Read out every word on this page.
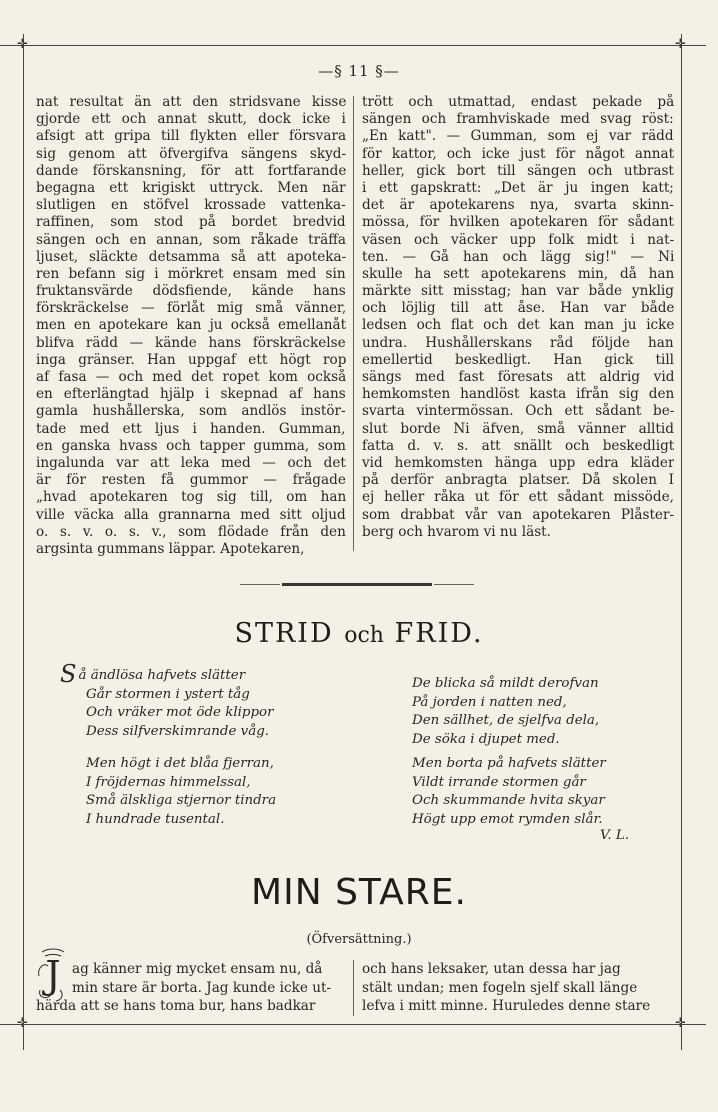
✛	✛
✛	✛
—§ 11 §—
nat resultat än att den stridsvane kisse
gjorde ett och annat skutt, dock icke i
afsigt att gripa till flykten eller försvara
sig genom att öfvergifva sängens skyd-
dande förskansning, för att fortfarande
begagna ett krigiskt uttryck. Men när
slutligen en stöfvel krossade vattenka-
raffinen, som stod på bordet bredvid
sängen och en annan, som råkade träffa
ljuset, släckte detsamma så att apoteka-
ren befann sig i mörkret ensam med sin
fruktansvärde dödsfiende, kände hans
förskräckelse — förlåt mig små vänner,
men en apotekare kan ju också emellanåt
blifva rädd — kände hans förskräckelse
inga gränser. Han uppgaf ett högt rop
af fasa — och med det ropet kom också
en efterlängtad hjälp i skepnad af hans
gamla hushållerska, som andlös instör-
tade med ett ljus i handen. Gumman,
en ganska hvass och tapper gumma, som
ingalunda var att leka med — och det
är för resten få gummor — frågade
„hvad apotekaren tog sig till, om han
ville väcka alla grannarna med sitt oljud
o. s. v. o. s. v., som flödade från den
argsinta gummans läppar. Apotekaren,
trött och utmattad, endast pekade på
sängen och framhviskade med svag röst:
„En katt". — Gumman, som ej var rädd
för kattor, och icke just för något annat
heller, gick bort till sängen och utbrast
i ett gapskratt: „Det är ju ingen katt;
det är apotekarens nya, svarta skinn-
mössa, för hvilken apotekaren för sådant
väsen och väcker upp folk midt i nat-
ten. — Gå han och lägg sig!" — Ni
skulle ha sett apotekarens min, då han
märkte sitt misstag; han var både ynklig
och löjlig till att åse. Han var både
ledsen och flat och det kan man ju icke
undra. Hushållerskans råd följde han
emellertid beskedligt. Han gick till
sängs med fast föresats att aldrig vid
hemkomsten handlöst kasta ifrån sig den
svarta vintermössan. Och ett sådant be-
slut borde Ni äfven, små vänner alltid
fatta d. v. s. att snällt och beskedligt
vid hemkomsten hänga upp edra kläder
på derför anbragta platser. Då skolen I
ej heller råka ut för ett sådant missöde,
som drabbat vår van apotekaren Plåster-
berg och hvarom vi nu läst.
STRID och FRID.
Så ändlösa hafvets slätter
Går stormen i ystert tåg
Och vräker mot öde klippor
Dess silfverskimrande våg.
Men högt i det blåa fjerran,
I fröjdernas himmelssal,
Små älskliga stjernor tindra
I hundrade tusental.
De blicka så mildt derofvan
På jorden i natten ned,
Den sällhet, de sjelfva dela,
De söka i djupet med.
Men borta på hafvets slätter
Vildt irrande stormen går
Och skummande hvita skyar
Högt upp emot rymden slår.
V. L.
MIN STARE.
(Öfversättning.)
J ag känner mig mycket ensam nu, då
min stare är borta. Jag kunde icke ut-
härda att se hans toma bur, hans badkar
och hans leksaker, utan dessa har jag
stält undan; men fogeln sjelf skall länge
lefva i mitt minne. Huruledes denne stare
